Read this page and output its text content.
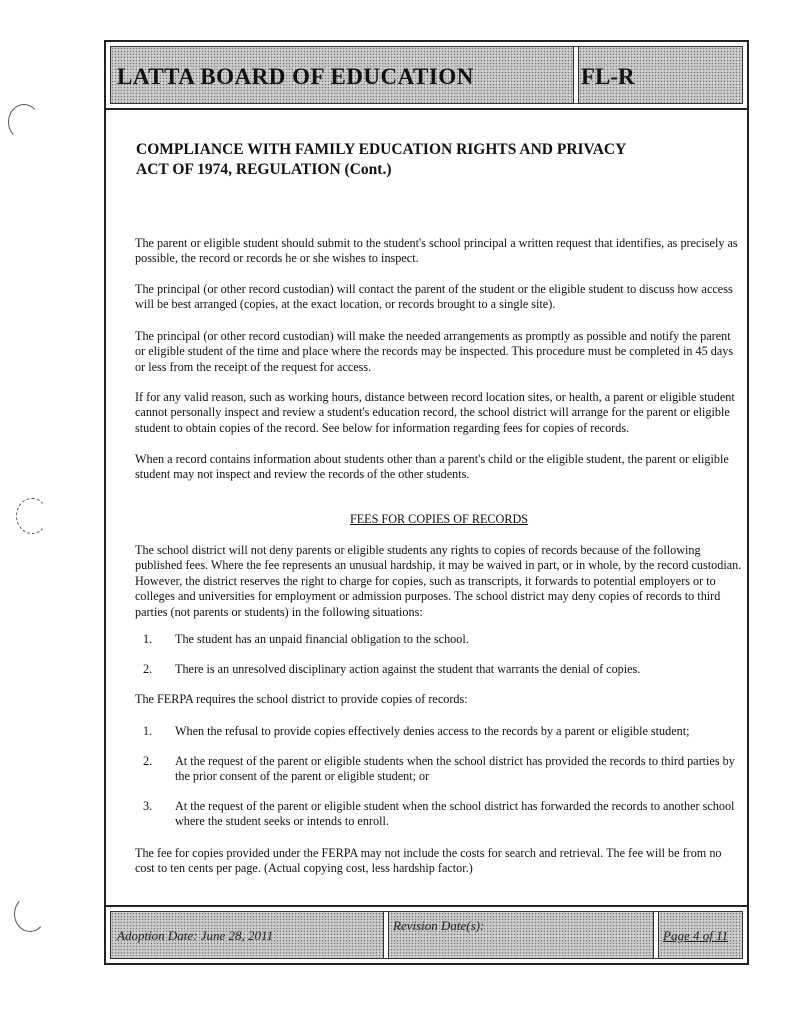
LATTA BOARD OF EDUCATION	FL-R
COMPLIANCE WITH FAMILY EDUCATION RIGHTS AND PRIVACY
ACT OF 1974, REGULATION (Cont.)

The parent or eligible student should submit to the student's school principal a written request that identifies, as precisely as possible, the record or records he or she wishes to inspect.

The principal (or other record custodian) will contact the parent of the student or the eligible student to discuss how access will be best arranged (copies, at the exact location, or records brought to a single site).

The principal (or other record custodian) will make the needed arrangements as promptly as possible and notify the parent or eligible student of the time and place where the records may be inspected. This procedure must be completed in 45 days or less from the receipt of the request for access.

If for any valid reason, such as working hours, distance between record location sites, or health, a parent or eligible student cannot personally inspect and review a student's education record, the school district will arrange for the parent or eligible student to obtain copies of the record. See below for information regarding fees for copies of records.

When a record contains information about students other than a parent's child or the eligible student, the parent or eligible student may not inspect and review the records of the other students.

FEES FOR COPIES OF RECORDS

The school district will not deny parents or eligible students any rights to copies of records because of the following published fees. Where the fee represents an unusual hardship, it may be waived in part, or in whole, by the record custodian. However, the district reserves the right to charge for copies, such as transcripts, it forwards to potential employers or to colleges and universities for employment or admission purposes. The school district may deny copies of records to third parties (not parents or students) in the following situations:

1.	The student has an unpaid financial obligation to the school.
2.	There is an unresolved disciplinary action against the student that warrants the denial of copies.

The FERPA requires the school district to provide copies of records:

1.	When the refusal to provide copies effectively denies access to the records by a parent or eligible student;
2.	At the request of the parent or eligible students when the school district has provided the records to third parties by the prior consent of the parent or eligible student; or
3.	At the request of the parent or eligible student when the school district has forwarded the records to another school where the student seeks or intends to enroll.

The fee for copies provided under the FERPA may not include the costs for search and retrieval. The fee will be from no cost to ten cents per page. (Actual copying cost, less hardship factor.)

Adoption Date: June 28, 2011
Revision Date(s):
Page 4 of 11
